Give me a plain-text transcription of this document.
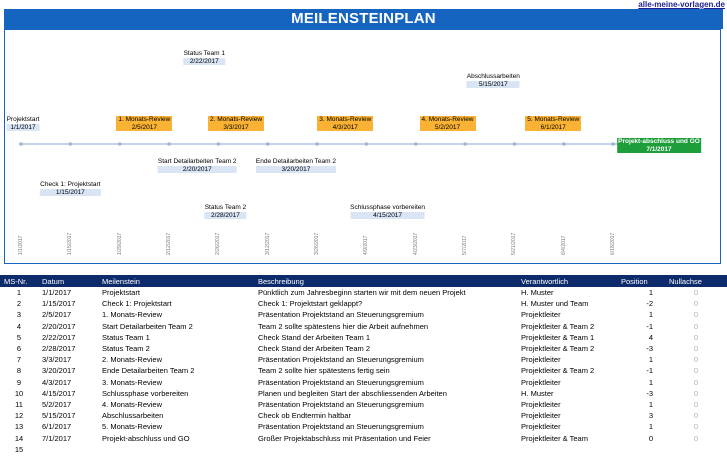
alle-meine-vorlagen.de
MEILENSTEINPLAN
Projektstart
1/1/2017
Check 1: Projektstart
1/15/2017
1. Monats-Review
2/5/2017
Start Detailarbeiten Team 2
2/20/2017
Status Team 1
2/22/2017
Status Team 2
2/28/2017
2. Monats-Review
3/3/2017
Ende Detailarbeiten Team 2
3/20/2017
3. Monats-Review
4/3/2017
Schlussphase vorbereiten
4/15/2017
4. Monats-Review
5/2/2017
Abschlussarbeiten
5/15/2017
5. Monats-Review
6/1/2017
Projekt-abschluss und GO
7/1/2017
1/1/2017	1/15/2017	1/29/2017	2/12/2017	2/26/2017	3/12/2017	3/26/2017	4/9/2017	4/23/2017	5/7/2017	5/21/2017	6/4/2017	6/18/2017
MS-Nr.	Datum	Meilenstein	Beschreibung	Verantwortlich	Position	Nullachse
1	1/1/2017	Projektstart	Pünktlich zum Jahresbeginn starten wir mit dem neuen Projekt	H. Muster	1	0
2	1/15/2017	Check 1: Projektstart	Check 1: Projektstart geklappt?	H. Muster und Team	-2	0
3	2/5/2017	1. Monats-Review	Präsentation Projektstand an Steuerungsgremium	Projektleiter	1	0
4	2/20/2017	Start Detailarbeiten Team 2	Team 2 sollte spätestens hier die Arbeit aufnehmen	Projektleiter & Team 2	-1	0
5	2/22/2017	Status Team 1	Check Stand der Arbeiten Team 1	Projektleiter & Team 1	4	0
6	2/28/2017	Status Team 2	Check Stand der Arbeiten Team 2	Projektleiter & Team 2	-3	0
7	3/3/2017	2. Monats-Review	Präsentation Projektstand an Steuerungsgremium	Projektleiter	1	0
8	3/20/2017	Ende Detailarbeiten Team 2	Team 2 sollte hier spätestens fertig sein	Projektleiter & Team 2	-1	0
9	4/3/2017	3. Monats-Review	Präsentation Projektstand an Steuerungsgremium	Projektleiter	1	0
10	4/15/2017	Schlussphase vorbereiten	Planen und begleiten Start der abschliessenden Arbeiten	H. Muster	-3	0
11	5/2/2017	4. Monats-Review	Präsentation Projektstand an Steuerungsgremium	Projektleiter	1	0
12	5/15/2017	Abschlussarbeiten	Check ob Endtermin haltbar	Projektleiter	3	0
13	6/1/2017	5. Monats-Review	Präsentation Projektstand an Steuerungsgremium	Projektleiter	1	0
14	7/1/2017	Projekt-abschluss und GO	Großer Projektabschluss mit Präsentation und Feier	Projektleiter & Team	0	0
15						
